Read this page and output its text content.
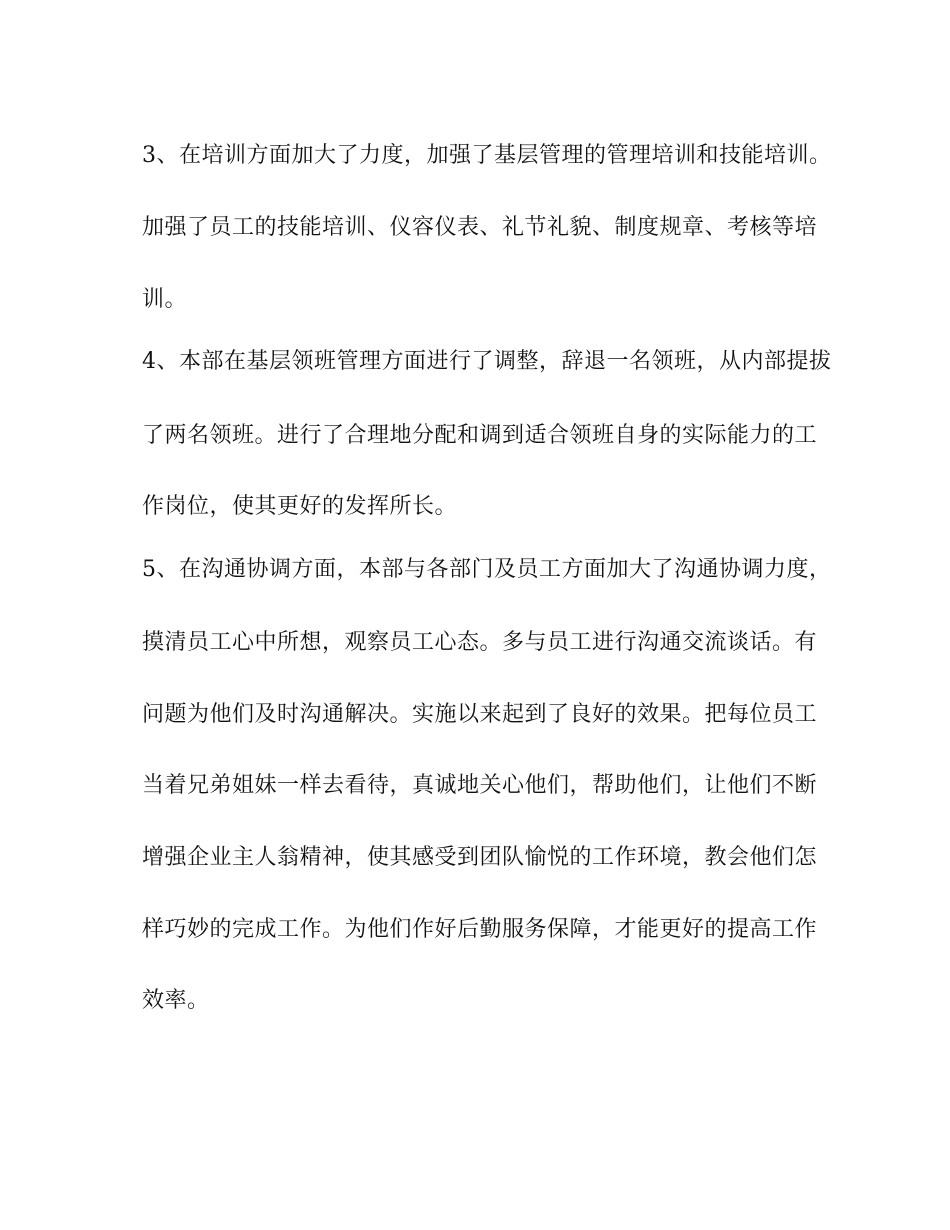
3、在培训方面加大了力度，加强了基层管理的管理培训和技能培训。
加强了员工的技能培训、仪容仪表、礼节礼貌、制度规章、考核等培
训。
4、本部在基层领班管理方面进行了调整，辞退一名领班，从内部提拔
了两名领班。进行了合理地分配和调到适合领班自身的实际能力的工
作岗位，使其更好的发挥所长。
5、在沟通协调方面，本部与各部门及员工方面加大了沟通协调力度，
摸清员工心中所想，观察员工心态。多与员工进行沟通交流谈话。有
问题为他们及时沟通解决。实施以来起到了良好的效果。把每位员工
当着兄弟姐妹一样去看待，真诚地关心他们，帮助他们，让他们不断
增强企业主人翁精神，使其感受到团队愉悦的工作环境，教会他们怎
样巧妙的完成工作。为他们作好后勤服务保障，才能更好的提高工作
效率。
